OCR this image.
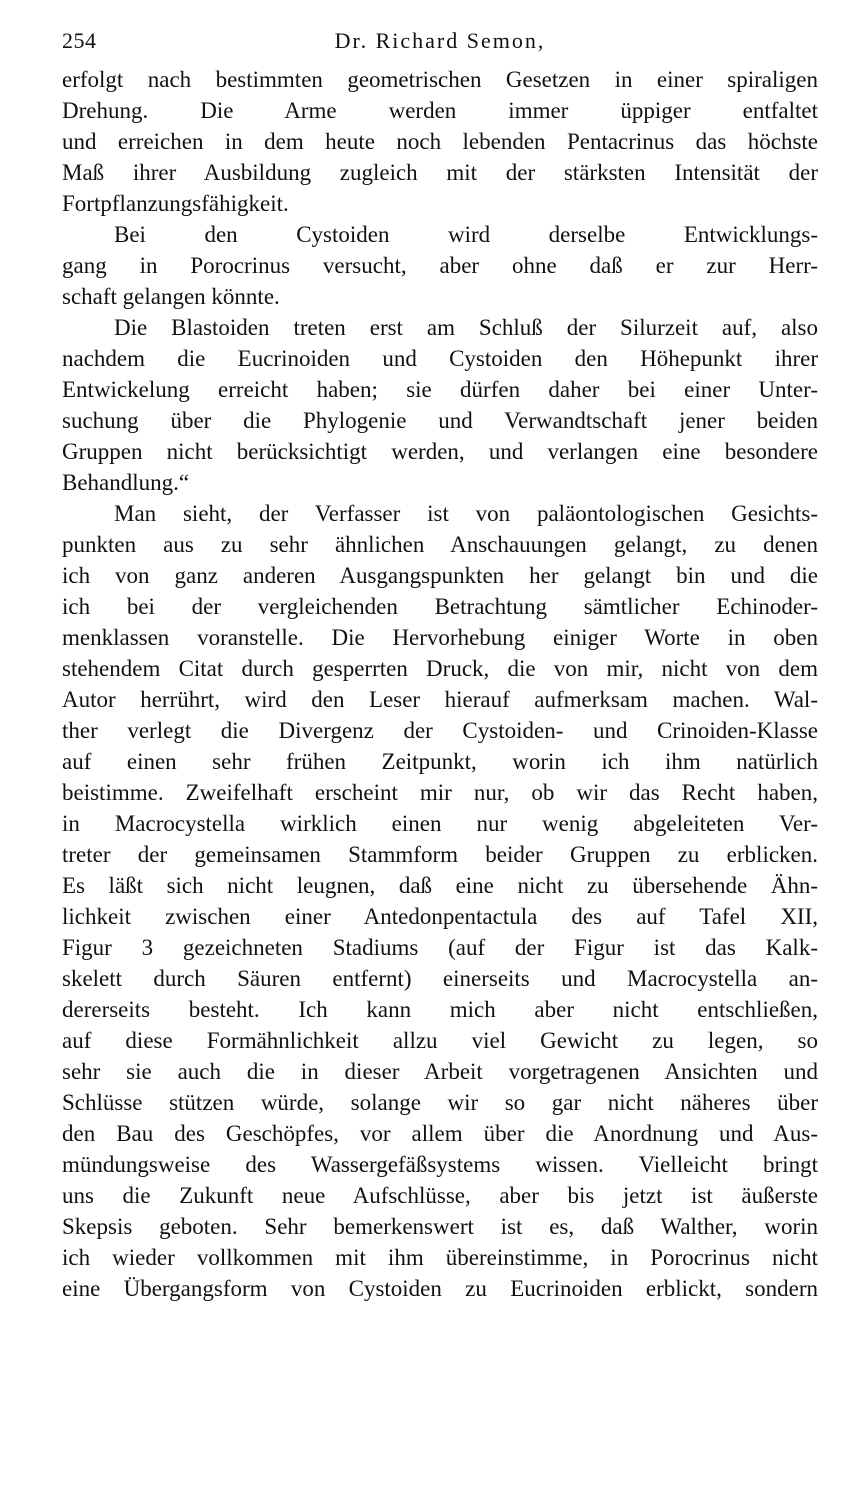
254	Dr. Richard Semon,
erfolgt nach bestimmten geometrischen Gesetzen in einer spiraligen
Drehung. Die Arme werden immer üppiger entfaltet
und erreichen in dem heute noch lebenden Pentacrinus das höchste
Maß ihrer Ausbildung zugleich mit der stärksten Intensität der
Fortpflanzungsfähigkeit.
Bei den Cystoiden wird derselbe Entwicklungs-
gang in Porocrinus versucht, aber ohne daß er zur Herr-
schaft gelangen könnte.
Die Blastoiden treten erst am Schluß der Silurzeit auf, also
nachdem die Eucrinoiden und Cystoiden den Höhepunkt ihrer
Entwickelung erreicht haben; sie dürfen daher bei einer Unter-
suchung über die Phylogenie und Verwandtschaft jener beiden
Gruppen nicht berücksichtigt werden, und verlangen eine besondere
Behandlung.“
Man sieht, der Verfasser ist von paläontologischen Gesichts-
punkten aus zu sehr ähnlichen Anschauungen gelangt, zu denen
ich von ganz anderen Ausgangspunkten her gelangt bin und die
ich bei der vergleichenden Betrachtung sämtlicher Echinoder-
menklassen voranstelle. Die Hervorhebung einiger Worte in oben
stehendem Citat durch gesperrten Druck, die von mir, nicht von dem
Autor herrührt, wird den Leser hierauf aufmerksam machen. Wal-
ther verlegt die Divergenz der Cystoiden- und Crinoiden-Klasse
auf einen sehr frühen Zeitpunkt, worin ich ihm natürlich
beistimme. Zweifelhaft erscheint mir nur, ob wir das Recht haben,
in Macrocystella wirklich einen nur wenig abgeleiteten Ver-
treter der gemeinsamen Stammform beider Gruppen zu erblicken.
Es läßt sich nicht leugnen, daß eine nicht zu übersehende Ähn-
lichkeit zwischen einer Antedonpentactula des auf Tafel XII,
Figur 3 gezeichneten Stadiums (auf der Figur ist das Kalk-
skelett durch Säuren entfernt) einerseits und Macrocystella an-
dererseits besteht. Ich kann mich aber nicht entschließen,
auf diese Formähnlichkeit allzu viel Gewicht zu legen, so
sehr sie auch die in dieser Arbeit vorgetragenen Ansichten und
Schlüsse stützen würde, solange wir so gar nicht näheres über
den Bau des Geschöpfes, vor allem über die Anordnung und Aus-
mündungsweise des Wassergefäßsystems wissen. Vielleicht bringt
uns die Zukunft neue Aufschlüsse, aber bis jetzt ist äußerste
Skepsis geboten. Sehr bemerkenswert ist es, daß Walther, worin
ich wieder vollkommen mit ihm übereinstimme, in Porocrinus nicht
eine Übergangsform von Cystoiden zu Eucrinoiden erblickt, sondern
